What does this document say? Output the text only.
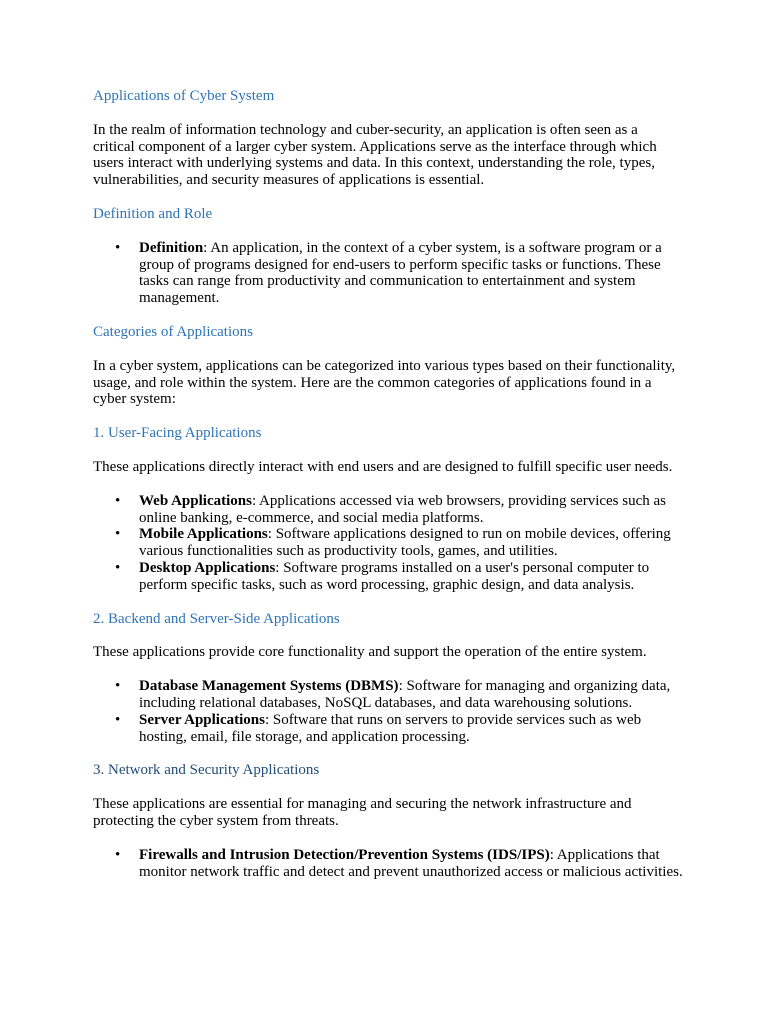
Applications of Cyber System

In the realm of information technology and cuber-security, an application is often seen as a critical component of a larger cyber system. Applications serve as the interface through which users interact with underlying systems and data. In this context, understanding the role, types, vulnerabilities, and security measures of applications is essential.

Definition and Role
• Definition: An application, in the context of a cyber system, is a software program or a group of programs designed for end-users to perform specific tasks or functions. These tasks can range from productivity and communication to entertainment and system management.
Categories of Applications

In a cyber system, applications can be categorized into various types based on their functionality, usage, and role within the system. Here are the common categories of applications found in a cyber system:

1. User-Facing Applications

These applications directly interact with end users and are designed to fulfill specific user needs.

• Web Applications: Applications accessed via web browsers, providing services such as online banking, e-commerce, and social media platforms.
• Mobile Applications: Software applications designed to run on mobile devices, offering various functionalities such as productivity tools, games, and utilities.
• Desktop Applications: Software programs installed on a user's personal computer to perform specific tasks, such as word processing, graphic design, and data analysis.
2. Backend and Server-Side Applications

These applications provide core functionality and support the operation of the entire system.

• Database Management Systems (DBMS): Software for managing and organizing data, including relational databases, NoSQL databases, and data warehousing solutions.
• Server Applications: Software that runs on servers to provide services such as web hosting, email, file storage, and application processing.
3. Network and Security Applications

These applications are essential for managing and securing the network infrastructure and protecting the cyber system from threats.

• Firewalls and Intrusion Detection/Prevention Systems (IDS/IPS): Applications that monitor network traffic and detect and prevent unauthorized access or malicious activities.
